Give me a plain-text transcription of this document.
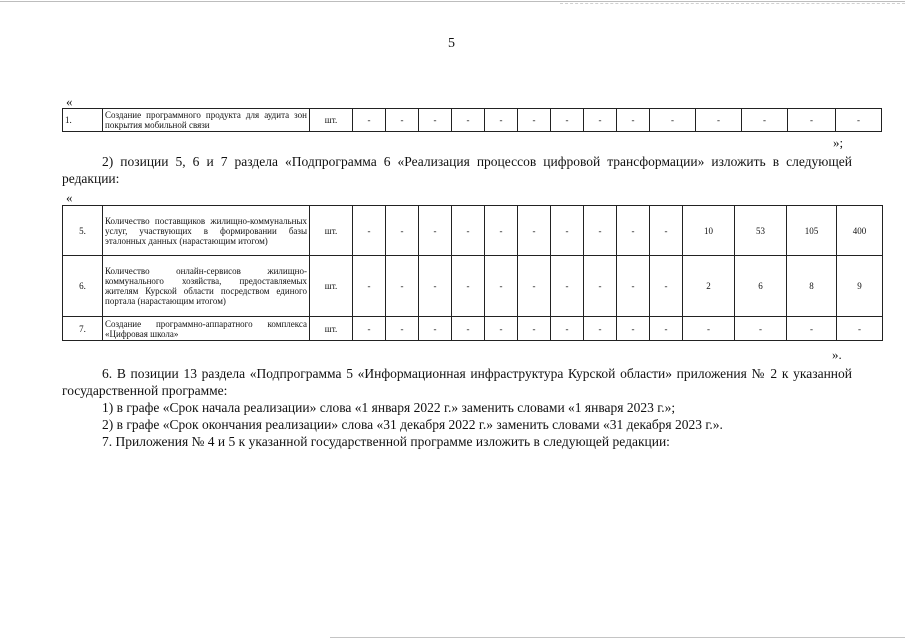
5
«
1.	Создание программного продукта для аудита зон покрытия мобильной связи	шт.	-	-	-	-	-	-	-	-	-	-	-	-	-	-
»;

2) позиции 5, 6 и 7 раздела «Подпрограмма 6 «Реализация процессов цифровой трансформации» изложить в следующей редакции:

«
5.	Количество поставщиков жилищно-коммунальных услуг, участвующих в формировании базы эталонных данных (нарастающим итогом)	шт.	-	-	-	-	-	-	-	-	-	-	10	53	105	400
6.	Количество онлайн-сервисов жилищно-коммунального хозяйства, предоставляемых жителям Курской области посредством единого портала (нарастающим итогом)	шт.	-	-	-	-	-	-	-	-	-	-	2	6	8	9
7.	Создание программно-аппаратного комплекса «Цифровая школа»	шт.	-	-	-	-	-	-	-	-	-	-	-	-	-	-
».

6. В позиции 13 раздела «Подпрограмма 5 «Информационная инфраструктура Курской области» приложения № 2 к указанной государственной программе:

1) в графе «Срок начала реализации» слова «1 января 2022 г.» заменить словами «1 января 2023 г.»;

2) в графе «Срок окончания реализации» слова «31 декабря 2022 г.» заменить словами «31 декабря 2023 г.».

7. Приложения № 4 и 5 к указанной государственной программе изложить в следующей редакции:
